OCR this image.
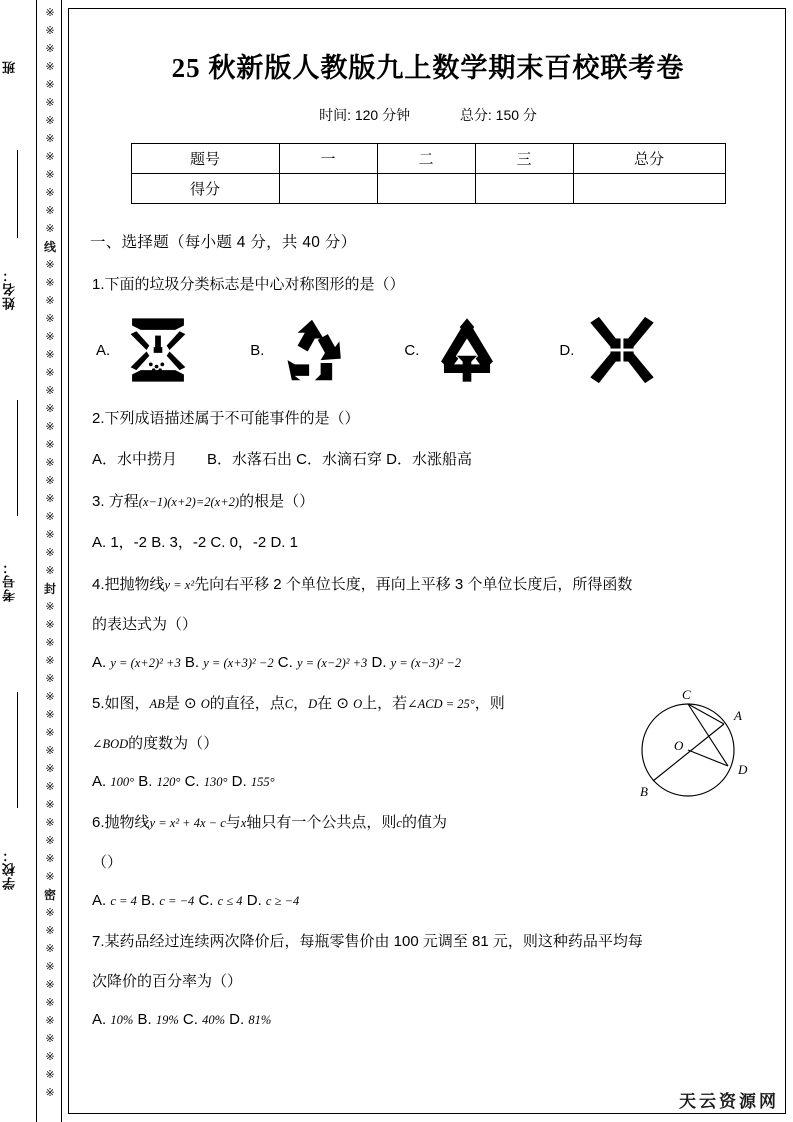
班
姓名：
考号：
学校：
※
※
※
※
※
※
※
※
※
※
※
※
※
线
※
※
※
※
※
※
※
※
※
※
※
※
※
※
※
※
※
※
封
※
※
※
※
※
※
※
※
※
※
※
※
※
※
※
※
密
※
※
※
※
※
※
※
※
※
※
※
25 秋新版人教版九上数学期末百校联考卷
时间: 120 分钟	总分: 150 分
题号	一	二	三	总分
得分				
一、选择题（每小题 4 分，共 40 分）
1.下面的垃圾分类标志是中心对称图形的是（）
A.	B.	C.	D.
2.下列成语描述属于不可能事件的是（）
A．水中捞月　　B．水落石出 C．水滴石穿 D．水涨船高
3. 方程(x−1)(x+2)=2(x+2)的根是（）
A. 1，-2 B. 3，-2 C. 0，-2 D. 1
4.把抛物线y = x²先向右平移 2 个单位长度，再向上平移 3 个单位长度后，所得函数
的表达式为（）
A. y = (x+2)² +3 B. y = (x+3)² −2 C. y = (x−2)² +3 D. y = (x−3)² −2
5.如图，AB是 ⊙ O的直径，点C，D在 ⊙ O上，若∠ACD = 25°，则
∠BOD的度数为（）
A. 100° B. 120° C. 130° D. 155°
6.抛物线y = x² + 4x − c与x轴只有一个公共点，则c的值为
（）
A. c = 4 B. c = −4 C. c ≤ 4 D. c ≥ −4
7.某药品经过连续两次降价后，每瓶零售价由 100 元调至 81 元，则这种药品平均每
次降价的百分率为（）
A. 10% B. 19% C. 40% D. 81%
C
A
O
D
B
天云资源网
